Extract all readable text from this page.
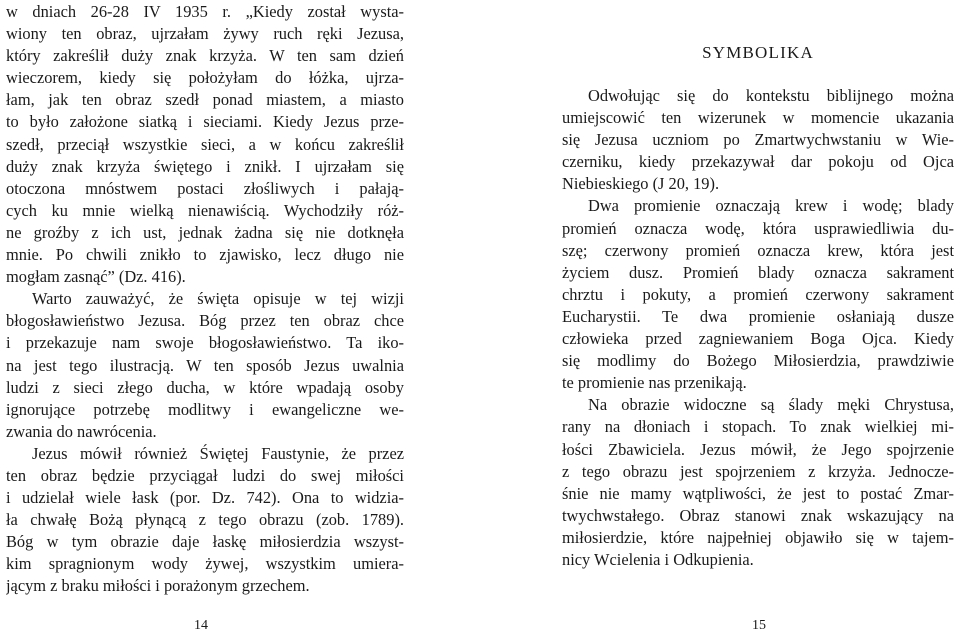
w dniach 26-28 IV 1935 r. „Kiedy został wysta-
wiony ten obraz, ujrzałam żywy ruch ręki Jezusa,
który zakreślił duży znak krzyża. W ten sam dzień
wieczorem, kiedy się położyłam do łóżka, ujrza-
łam, jak ten obraz szedł ponad miastem, a miasto
to było założone siatką i sieciami. Kiedy Jezus prze-
szedł, przeciął wszystkie sieci, a w końcu zakreślił
duży znak krzyża świętego i znikł. I ujrzałam się
otoczona mnóstwem postaci złośliwych i pałają-
cych ku mnie wielką nienawiścią. Wychodziły róż-
ne groźby z ich ust, jednak żadna się nie dotknęła
mnie. Po chwili znikło to zjawisko, lecz długo nie
mogłam zasnąć” (Dz. 416).
Warto zauważyć, że święta opisuje w tej wizji
błogosławieństwo Jezusa. Bóg przez ten obraz chce
i przekazuje nam swoje błogosławieństwo. Ta iko-
na jest tego ilustracją. W ten sposób Jezus uwalnia
ludzi z sieci złego ducha, w które wpadają osoby
ignorujące potrzebę modlitwy i ewangeliczne we-
zwania do nawrócenia.
Jezus mówił również Świętej Faustynie, że przez
ten obraz będzie przyciągał ludzi do swej miłości
i udzielał wiele łask (por. Dz. 742). Ona to widzia-
ła chwałę Bożą płynącą z tego obrazu (zob. 1789).
Bóg w tym obrazie daje łaskę miłosierdzia wszyst-
kim spragnionym wody żywej, wszystkim umiera-
jącym z braku miłości i porażonym grzechem.
14
SYMBOLIKA
Odwołując się do kontekstu biblijnego można
umiejscowić ten wizerunek w momencie ukazania
się Jezusa uczniom po Zmartwychwstaniu w Wie-
czerniku, kiedy przekazywał dar pokoju od Ojca
Niebieskiego (J 20, 19).
Dwa promienie oznaczają krew i wodę; blady
promień oznacza wodę, która usprawiedliwia du-
szę; czerwony promień oznacza krew, która jest
życiem dusz. Promień blady oznacza sakrament
chrztu i pokuty, a promień czerwony sakrament
Eucharystii. Te dwa promienie osłaniają dusze
człowieka przed zagniewaniem Boga Ojca. Kiedy
się modlimy do Bożego Miłosierdzia, prawdziwie
te promienie nas przenikają.
Na obrazie widoczne są ślady męki Chrystusa,
rany na dłoniach i stopach. To znak wielkiej mi-
łości Zbawiciela. Jezus mówił, że Jego spojrzenie
z tego obrazu jest spojrzeniem z krzyża. Jednocze-
śnie nie mamy wątpliwości, że jest to postać Zmar-
twychwstałego. Obraz stanowi znak wskazujący na
miłosierdzie, które najpełniej objawiło się w tajem-
nicy Wcielenia i Odkupienia.
15
